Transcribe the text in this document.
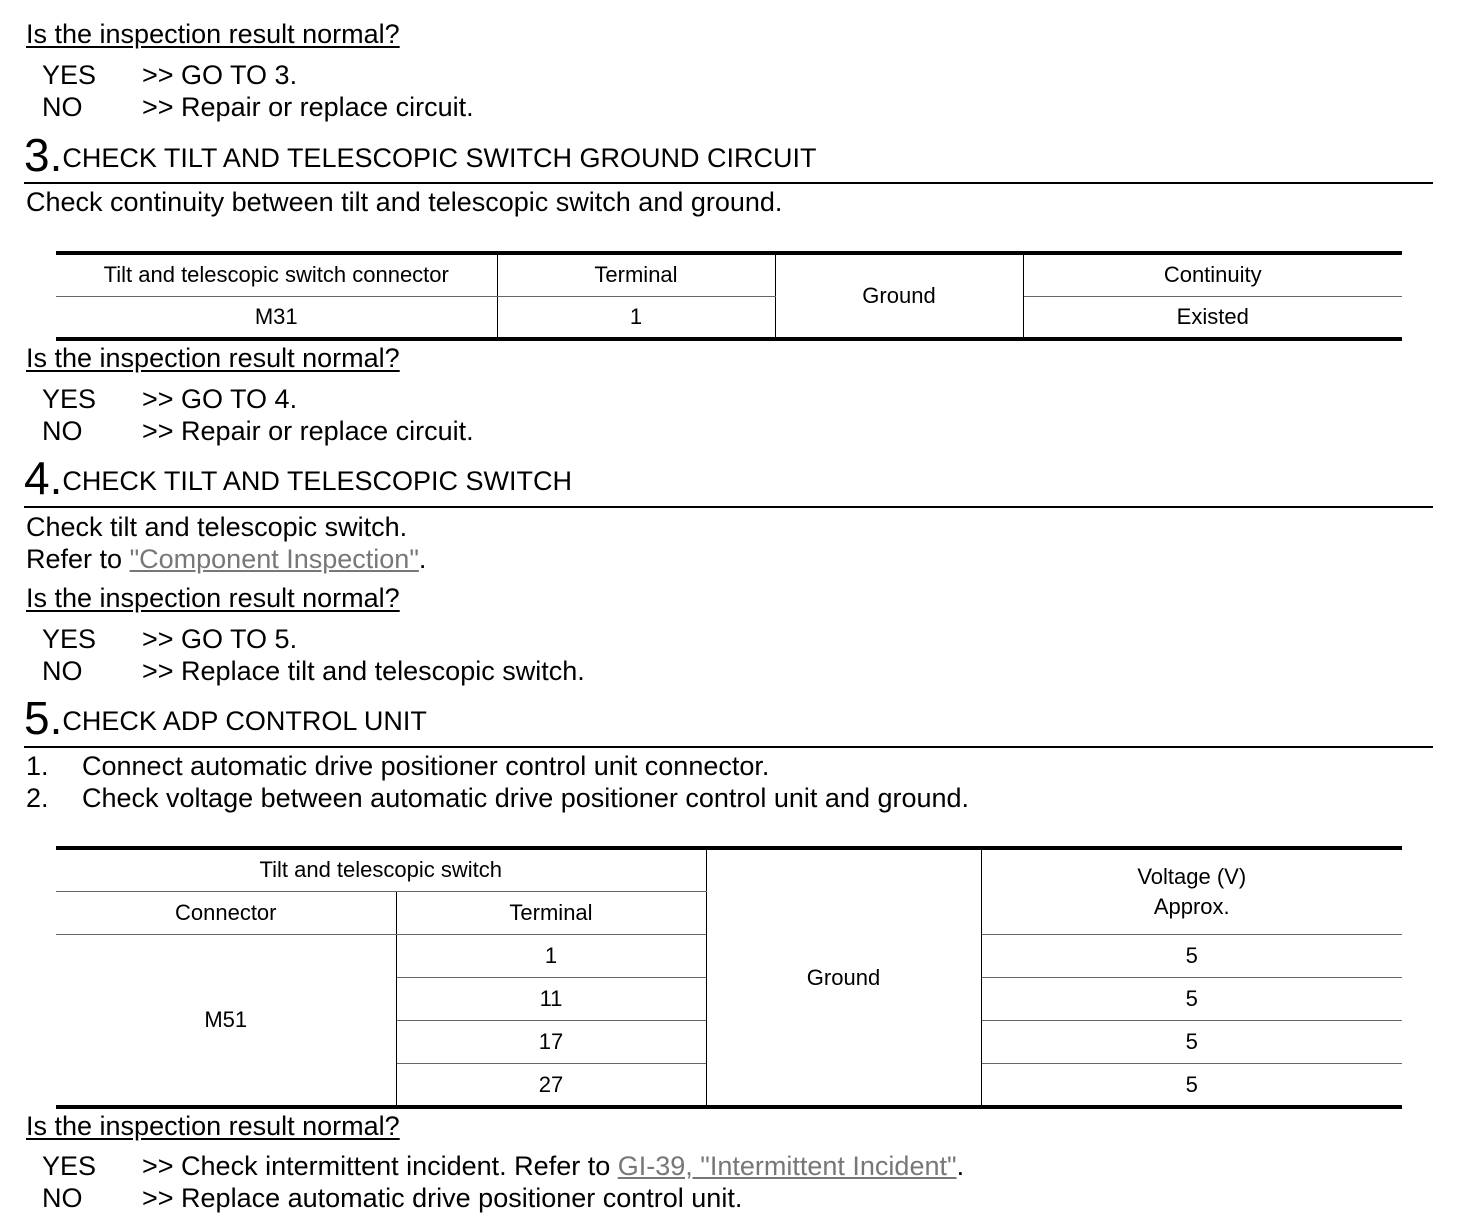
Is the inspection result normal?
YES >> GO TO 3.
NO >> Repair or replace circuit.
3.CHECK TILT AND TELESCOPIC SWITCH GROUND CIRCUIT
Check continuity between tilt and telescopic switch and ground.
Tilt and telescopic switch connector	Terminal	Ground	Continuity
M31	1		Existed
Is the inspection result normal?
YES >> GO TO 4.
NO >> Repair or replace circuit.
4.CHECK TILT AND TELESCOPIC SWITCH
Check tilt and telescopic switch.
Refer to "Component Inspection".
Is the inspection result normal?
YES >> GO TO 5.
NO >> Replace tilt and telescopic switch.
5.CHECK ADP CONTROL UNIT
1. Connect automatic drive positioner control unit connector.
2. Check voltage between automatic drive positioner control unit and ground.
Tilt and telescopic switch		Ground	Voltage (V)
Approx.
Connector	Terminal		
M51	1		5
	11		5
	17		5
	27		5
Is the inspection result normal?
YES >> Check intermittent incident. Refer to GI-39, "Intermittent Incident".
NO >> Replace automatic drive positioner control unit.
